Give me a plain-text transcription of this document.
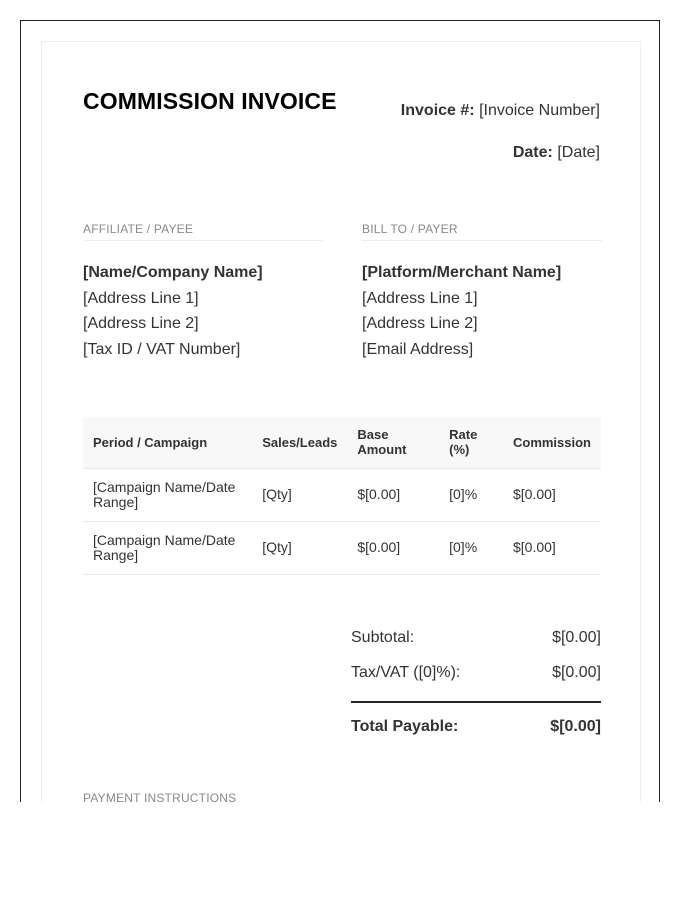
COMMISSION INVOICE	Invoice #: [Invoice Number]
Date: [Date]
AFFILIATE / PAYEE
[Name/Company Name]
[Address Line 1]
[Address Line 2]
[Tax ID / VAT Number]
BILL TO / PAYER
[Platform/Merchant Name]
[Address Line 1]
[Address Line 2]
[Email Address]
Period / Campaign	Sales/Leads	Base Amount	Rate (%)	Commission
[Campaign Name/Date Range]	[Qty]	$[0.00]	[0]%	$[0.00]
[Campaign Name/Date Range]	[Qty]	$[0.00]	[0]%	$[0.00]
Subtotal:	$[0.00]
Tax/VAT ([0]%):	$[0.00]
Total Payable:	$[0.00]
PAYMENT INSTRUCTIONS
